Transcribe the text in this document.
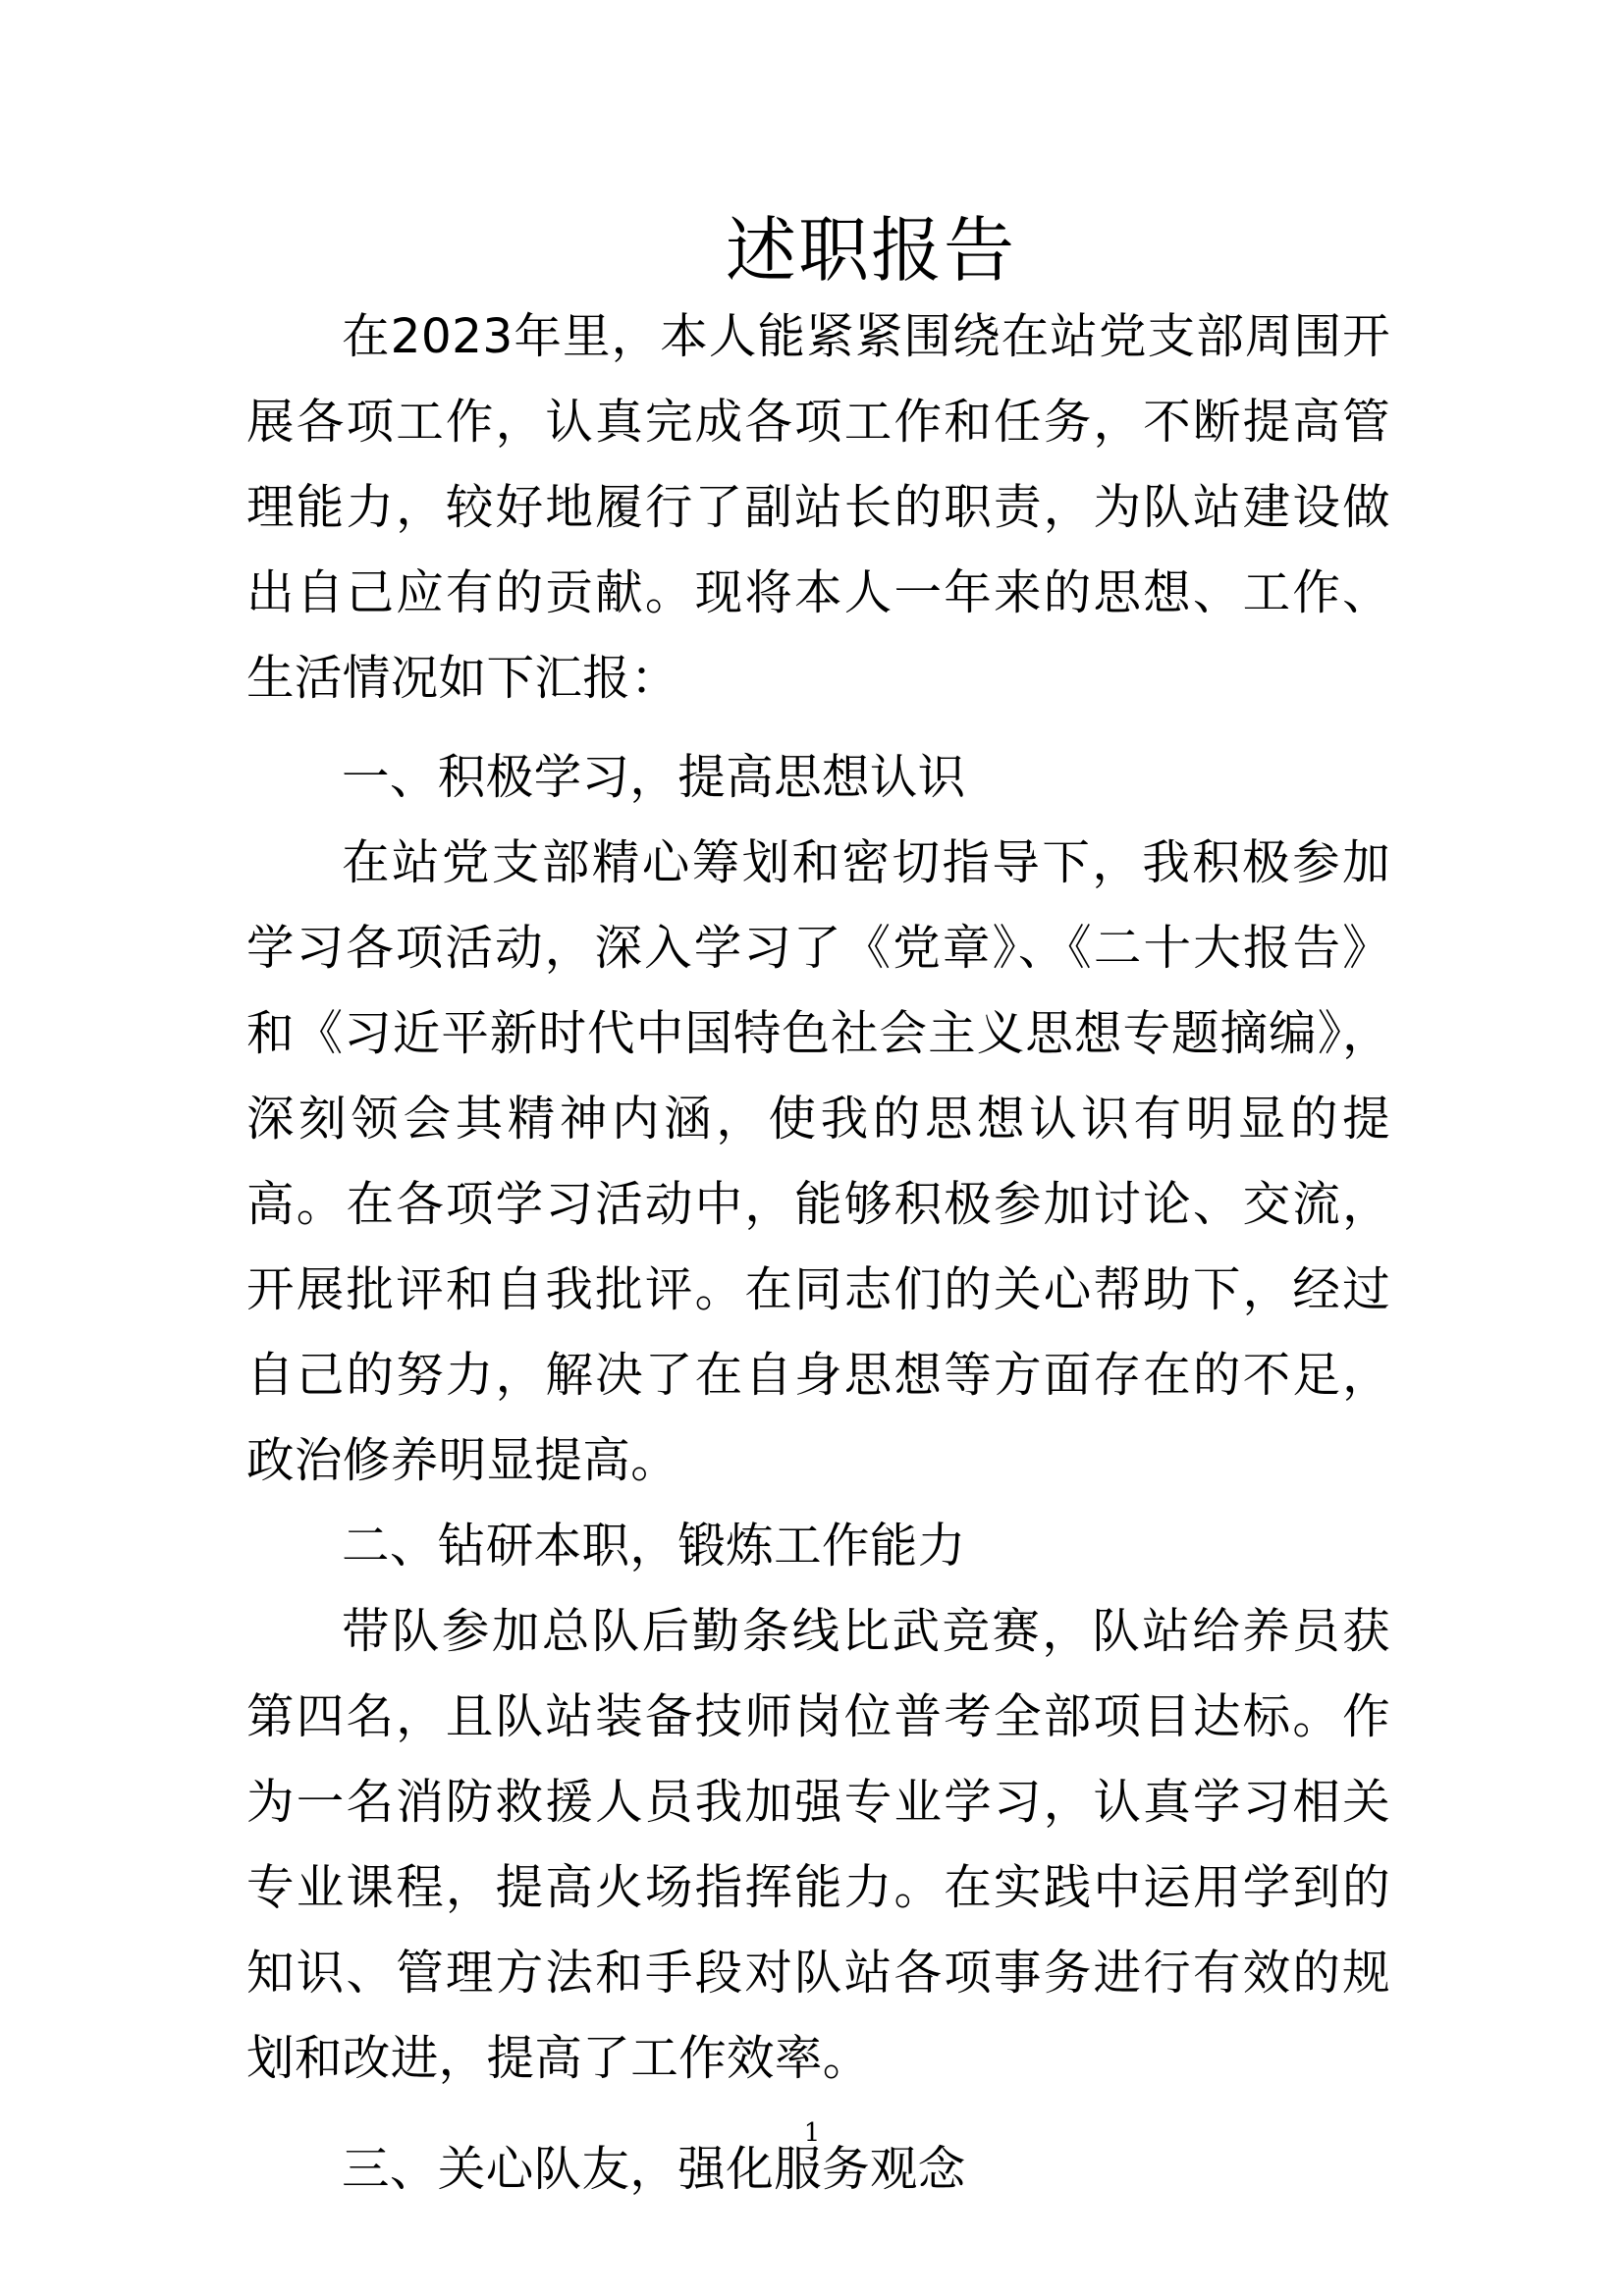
述职报告

在2023年里，本人能紧紧围绕在站党支部周围开展各项工作，认真完成各项工作和任务，不断提高管理能力，较好地履行了副站长的职责，为队站建设做出自己应有的贡献。现将本人一年来的思想、工作、生活情况如下汇报：

一、积极学习，提高思想认识

在站党支部精心筹划和密切指导下，我积极参加学习各项活动，深入学习了《党章》、《二十大报告》和《习近平新时代中国特色社会主义思想专题摘编》，深刻领会其精神内涵，使我的思想认识有明显的提高。在各项学习活动中，能够积极参加讨论、交流，开展批评和自我批评。在同志们的关心帮助下，经过自己的努力，解决了在自身思想等方面存在的不足，政治修养明显提高。

二、钻研本职，锻炼工作能力

带队参加总队后勤条线比武竞赛，队站给养员获第四名，且队站装备技师岗位普考全部项目达标。作为一名消防救援人员我加强专业学习，认真学习相关专业课程，提高火场指挥能力。在实践中运用学到的知识、管理方法和手段对队站各项事务进行有效的规划和改进，提高了工作效率。

三、关心队友，强化服务观念

1
